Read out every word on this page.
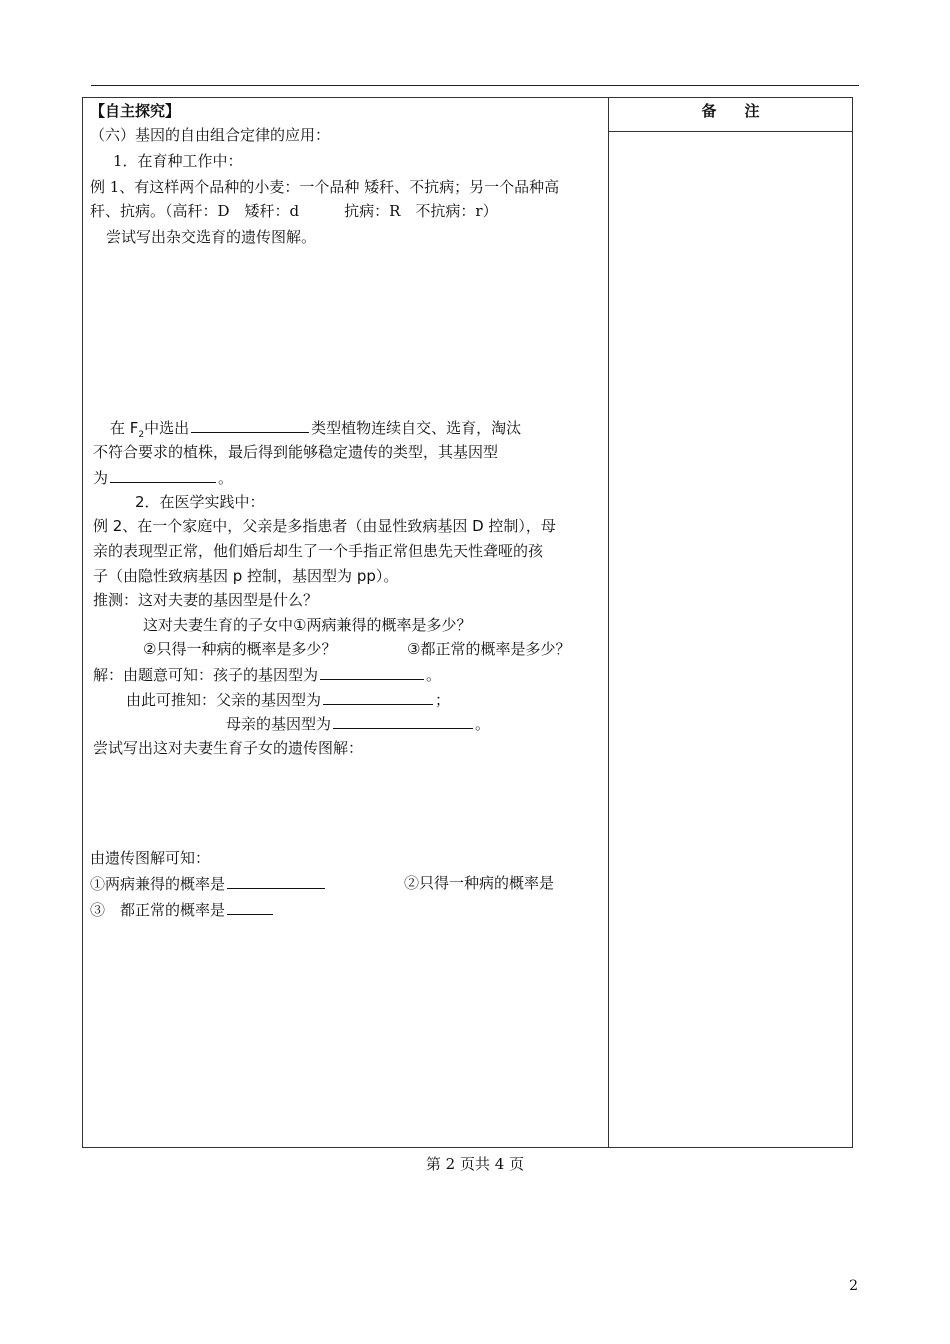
备注
【自主探究】
（六）基因的自由组合定律的应用：
1．在育种工作中：
例 1、有这样两个品种的小麦：一个品种 矮秆、不抗病；另一个品种高
秆、抗病。（高秆：D　矮秆：d　　　抗病：R　不抗病：r）
尝试写出杂交选育的遗传图解。
在 $F_2$中选出	类型植物连续自交、选育，淘汰
不符合要求的植株，最后得到能够稳定遗传的类型，其基因型
为	。
2．在医学实践中：
例 2、在一个家庭中，父亲是多指患者（由显性致病基因 D 控制），母
亲的表现型正常，他们婚后却生了一个手指正常但患先天性聋哑的孩
子（由隐性致病基因 p 控制，基因型为 pp）。
推测：这对夫妻的基因型是什么？
这对夫妻生育的子女中①两病兼得的概率是多少？
②只得一种病的概率是多少？	③都正常的概率是多少？
解：由题意可知：孩子的基因型为	。
由此可推知：父亲的基因型为	；
母亲的基因型为	。
尝试写出这对夫妻生育子女的遗传图解：
由遗传图解可知：
①两病兼得的概率是	②只得一种病的概率是
③　都正常的概率是
第 2 页共 4 页
2
